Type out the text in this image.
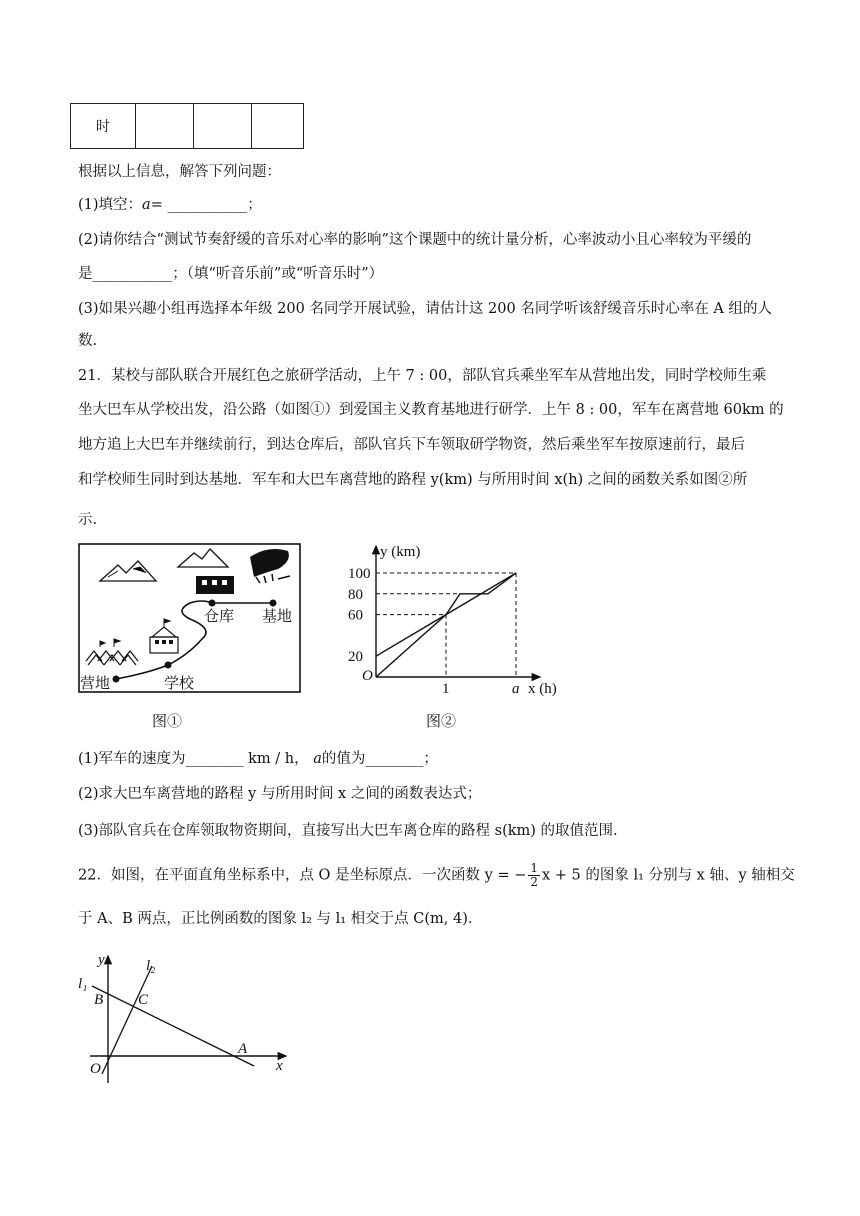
时
根据以上信息，解答下列问题：
(1)填空：a= ___________；
(2)请你结合“测试节奏舒缓的音乐对心率的影响”这个课题中的统计量分析，心率波动小且心率较为平缓的
是___________；（填“听音乐前”或“听音乐时”）
(3)如果兴趣小组再选择本年级 200 名同学开展试验，请估计这 200 名同学听该舒缓音乐时心率在 A 组的人
数.
21．某校与部队联合开展红色之旅研学活动，上午 7 : 00，部队官兵乘坐军车从营地出发，同时学校师生乘
坐大巴车从学校出发，沿公路（如图①）到爱国主义教育基地进行研学．上午 8 : 00，军车在离营地 60km 的
地方追上大巴车并继续前行，到达仓库后，部队官兵下车领取研学物资，然后乘坐军车按原速前行，最后
和学校师生同时到达基地．军车和大巴车离营地的路程 y(km) 与所用时间 x(h) 之间的函数关系如图②所
示.
营地	学校
仓库 基地
图①
100
80
60
20
1	a
O
y (km)
x (h)
图②
(1)军车的速度为________ km / h， a的值为________；
(2)求大巴车离营地的路程 y 与所用时间 x 之间的函数表达式；
(3)部队官兵在仓库领取物资期间，直接写出大巴车离仓库的路程 s(km) 的取值范围.
22．如图，在平面直角坐标系中，点 O 是坐标原点．一次函数 y = − $\frac{1}{2}$ x + 5 的图象 l₁ 分别与 x 轴、y 轴相交
于 A、B 两点，正比例函数的图象 l₂ 与 l₁ 相交于点 C(m, 4)．
y
x
O
A
B C
l₁
l₂
